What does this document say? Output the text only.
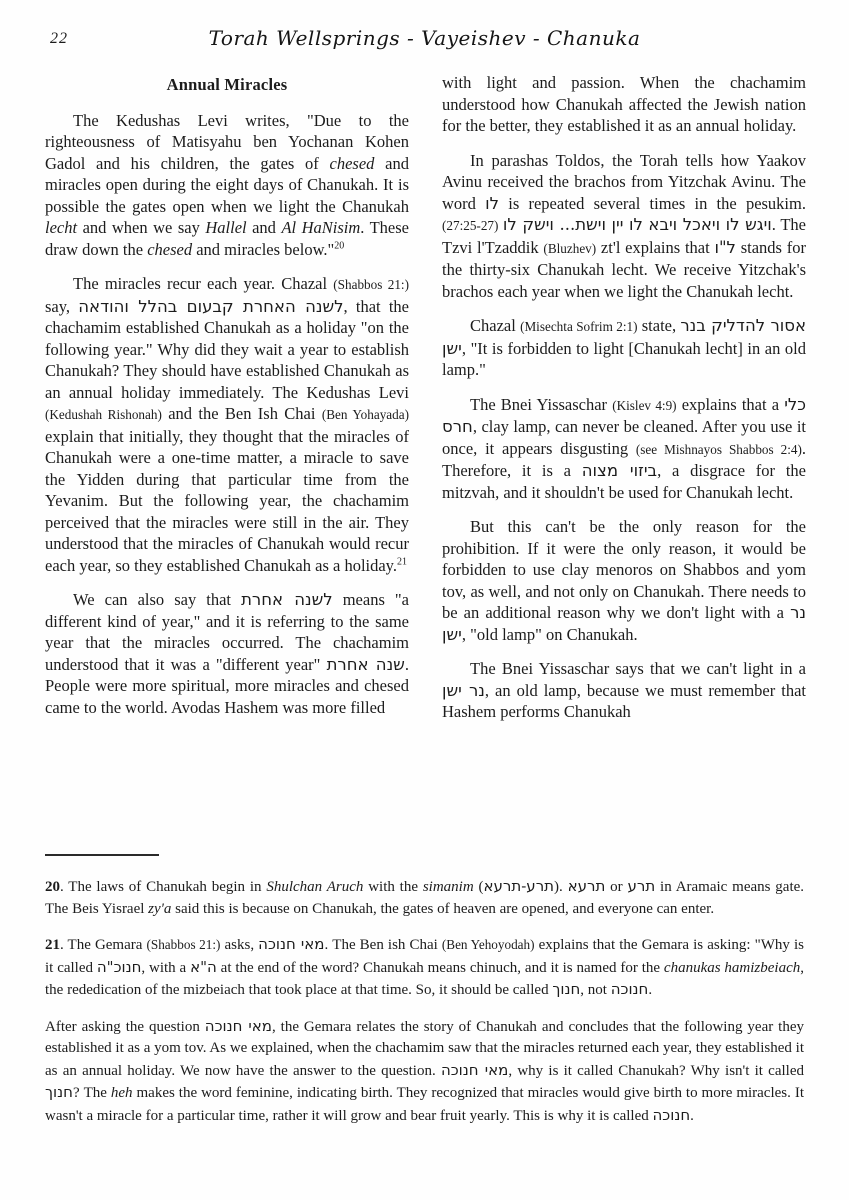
22	Torah Wellsprings - Vayeishev - Chanuka
Annual Miracles

The Kedushas Levi writes, "Due to the righteousness of Matisyahu ben Yochanan Kohen Gadol and his children, the gates of chesed and miracles open during the eight days of Chanukah. It is possible the gates open when we light the Chanukah lecht and when we say Hallel and Al HaNisim. These draw down the chesed and miracles below."$^{20}$

The miracles recur each year. Chazal (Shabbos 21:) say, לשנה האחרת קבעום בהלל והודאה, that the chachamim established Chanukah as a holiday "on the following year." Why did they wait a year to establish Chanukah? They should have established Chanukah as an annual holiday immediately. The Kedushas Levi (Kedushah Rishonah) and the Ben Ish Chai (Ben Yohayada) explain that initially, they thought that the miracles of Chanukah were a one-time matter, a miracle to save the Yidden during that particular time from the Yevanim. But the following year, the chachamim perceived that the miracles were still in the air. They understood that the miracles of Chanukah would recur each year, so they established Chanukah as a holiday.$^{21}$

We can also say that לשנה אחרת means "a different kind of year," and it is referring to the same year that the miracles occurred. The chachamim understood that it was a "different year" שנה אחרת. People were more spiritual, more miracles and chesed came to the world. Avodas Hashem was more filled

with light and passion. When the chachamim understood how Chanukah affected the Jewish nation for the better, they established it as an annual holiday.

In parashas Toldos, the Torah tells how Yaakov Avinu received the brachos from Yitzchak Avinu. The word לו is repeated several times in the pesukim. (27:25-27) ויגש לו ויאכל ויבא לו יין וישת... וישק לו. The Tzvi l'Tzaddik (Bluzhev) zt'l explains that ל"ו stands for the thirty-six Chanukah lecht. We receive Yitzchak's brachos each year when we light the Chanukah lecht.

Chazal (Misechta Sofrim 2:1) state, אסור להדליק בנר ישן, "It is forbidden to light [Chanukah lecht] in an old lamp."

The Bnei Yissaschar (Kislev 4:9) explains that a כלי חרס, clay lamp, can never be cleaned. After you use it once, it appears disgusting (see Mishnayos Shabbos 2:4). Therefore, it is a ביזוי מצוה, a disgrace for the mitzvah, and it shouldn't be used for Chanukah lecht.

But this can't be the only reason for the prohibition. If it were the only reason, it would be forbidden to use clay menoros on Shabbos and yom tov, as well, and not only on Chanukah. There needs to be an additional reason why we don't light with a נר ישן, "old lamp" on Chanukah.

The Bnei Yissaschar says that we can't light in a נר ישן, an old lamp, because we must remember that Hashem performs Chanukah

20. The laws of Chanukah begin in Shulchan Aruch with the simanim (תרע-תרעא). תרעא or תרע in Aramaic means gate. The Beis Yisrael zy'a said this is because on Chanukah, the gates of heaven are opened, and everyone can enter.

21. The Gemara (Shabbos 21:) asks, מאי חנוכה. The Ben ish Chai (Ben Yehoyodah) explains that the Gemara is asking: "Why is it called חנוכ"ה, with a ה"א at the end of the word? Chanukah means chinuch, and it is named for the chanukas hamizbeiach, the rededication of the mizbeiach that took place at that time. So, it should be called חנוך, not חנוכה.

After asking the question מאי חנוכה, the Gemara relates the story of Chanukah and concludes that the following year they established it as a yom tov. As we explained, when the chachamim saw that the miracles returned each year, they established it as an annual holiday. We now have the answer to the question. מאי חנוכה, why is it called Chanukah? Why isn't it called חנוך? The heh makes the word feminine, indicating birth. They recognized that miracles would give birth to more miracles. It wasn't a miracle for a particular time, rather it will grow and bear fruit yearly. This is why it is called חנוכה.
